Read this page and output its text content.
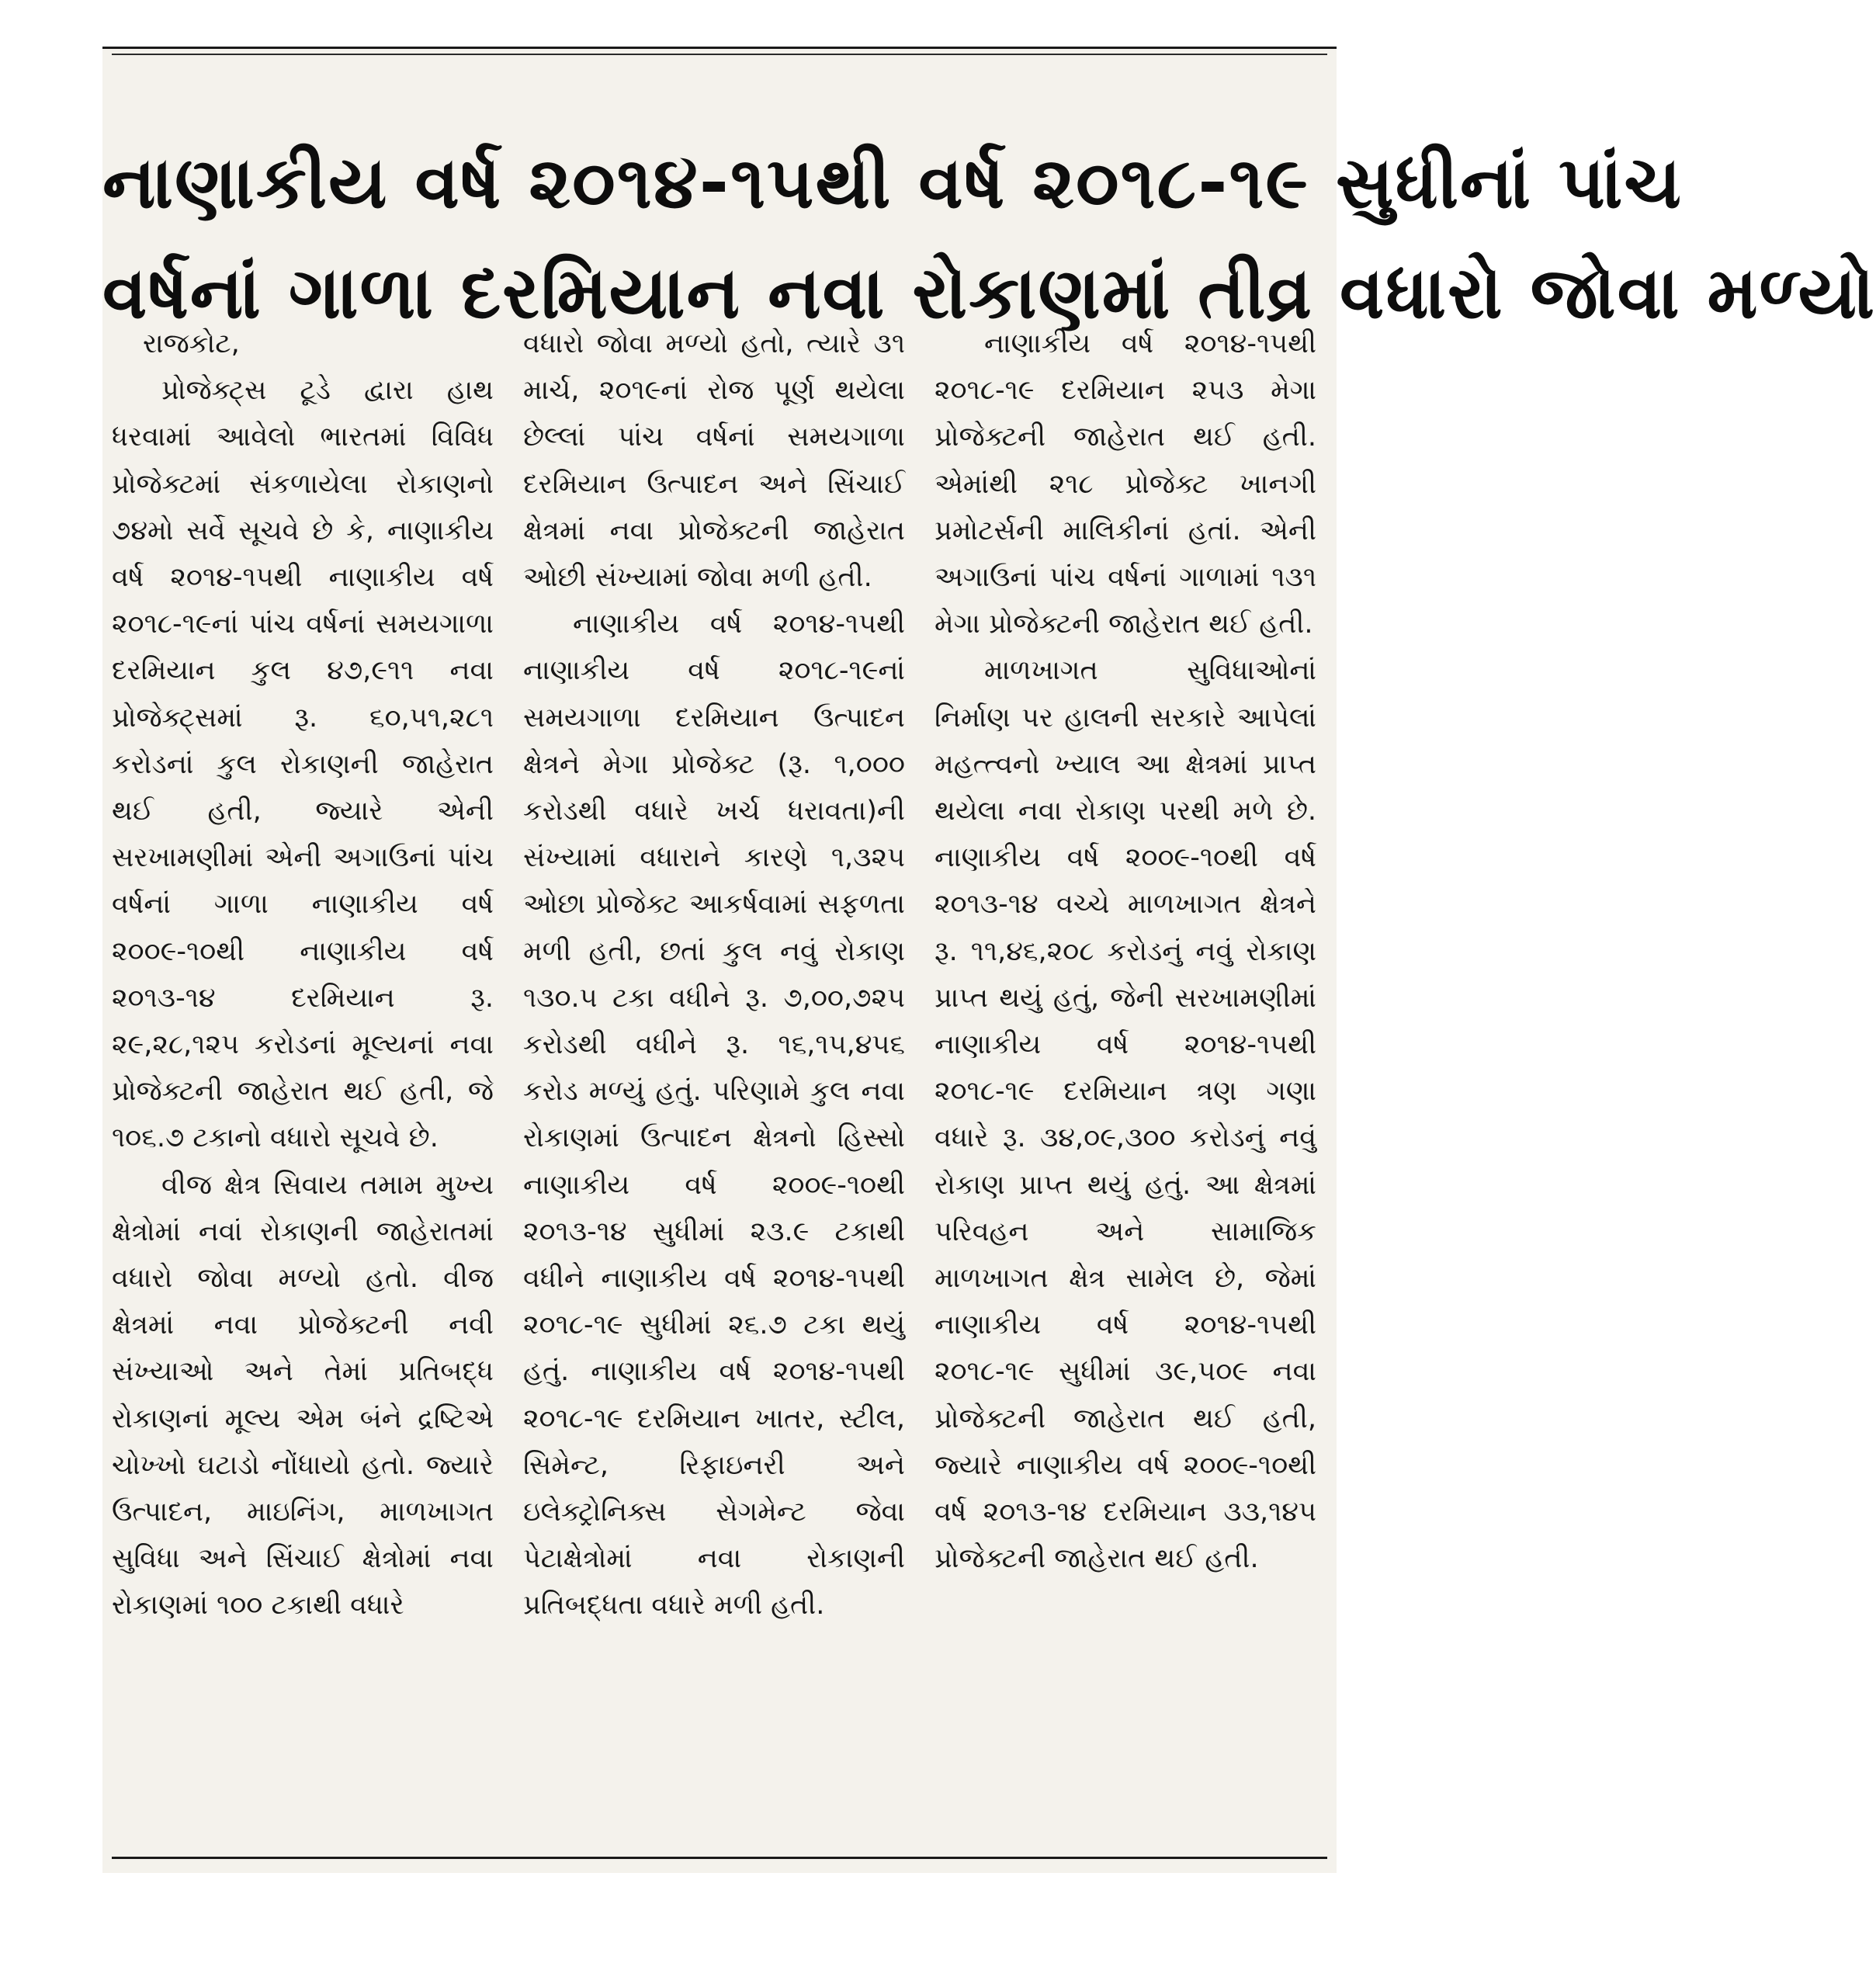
નાણાકીય વર્ષ ૨૦૧૪-૧૫થી વર્ષ ૨૦૧૮-૧૯ સુધીનાં પાંચ
વર્ષનાં ગાળા દરમિયાન નવા રોકાણમાં તીવ્ર વધારો જોવા મળ્યો
રાજકોટ,

પ્રોજેક્ટ્સ ટૂડે દ્વારા હાથ ધરવામાં આવેલો ભારતમાં વિવિધ પ્રોજેક્ટમાં સંકળાયેલા રોકાણનો ૭૪મો સર્વે સૂચવે છે કે, નાણાકીય વર્ષ ૨૦૧૪-૧૫થી નાણાકીય વર્ષ ૨૦૧૮-૧૯નાં પાંચ વર્ષનાં સમયગાળા દરમિયાન કુલ ૪૭,૯૧૧ નવા પ્રોજેક્ટ્સમાં રૂ. ૬૦,૫૧,૨૮૧ કરોડનાં કુલ રોકાણની જાહેરાત થઈ હતી, જ્યારે એની સરખામણીમાં એની અગાઉનાં પાંચ વર્ષનાં ગાળા નાણાકીય વર્ષ ૨૦૦૯-૧૦થી નાણાકીય વર્ષ ૨૦૧૩-૧૪ દરમિયાન રૂ. ૨૯,૨૮,૧૨૫ કરોડનાં મૂલ્યનાં નવા પ્રોજેક્ટની જાહેરાત થઈ હતી, જે ૧૦૬.૭ ટકાનો વધારો સૂચવે છે.

વીજ ક્ષેત્ર સિવાય તમામ મુખ્ય ક્ષેત્રોમાં નવાં રોકાણની જાહેરાતમાં વધારો જોવા મળ્યો હતો. વીજ ક્ષેત્રમાં નવા પ્રોજેક્ટની નવી સંખ્યાઓ અને તેમાં પ્રતિબદ્ધ રોકાણનાં મૂલ્ય એમ બંને દ્રષ્ટિએ ચોખ્ખો ઘટાડો નોંધાયો હતો. જ્યારે ઉત્પાદન, માઇનિંગ, માળખાગત સુવિધા અને સિંચાઈ ક્ષેત્રોમાં નવા રોકાણમાં ૧૦૦ ટકાથી વધારે

વધારો જોવા મળ્યો હતો, ત્યારે ૩૧ માર્ચ, ૨૦૧૯નાં રોજ પૂર્ણ થયેલા છેલ્લાં પાંચ વર્ષનાં સમયગાળા દરમિયાન ઉત્પાદન અને સિંચાઈ ક્ષેત્રમાં નવા પ્રોજેક્ટની જાહેરાત ઓછી સંખ્યામાં જોવા મળી હતી.

નાણાકીય વર્ષ ૨૦૧૪-૧૫થી નાણાકીય વર્ષ ૨૦૧૮-૧૯નાં સમયગાળા દરમિયાન ઉત્પાદન ક્ષેત્રને મેગા પ્રોજેક્ટ (રૂ. ૧,૦૦૦ કરોડથી વધારે ખર્ચ ધરાવતા)ની સંખ્યામાં વધારાને કારણે ૧,૩૨૫ ઓછા પ્રોજેક્ટ આકર્ષવામાં સફળતા મળી હતી, છતાં કુલ નવું રોકાણ ૧૩૦.૫ ટકા વધીને રૂ. ૭,૦૦,૭૨૫ કરોડથી વધીને રૂ. ૧૬,૧૫,૪૫૬ કરોડ મળ્યું હતું. પરિણામે કુલ નવા રોકાણમાં ઉત્પાદન ક્ષેત્રનો હિસ્સો નાણાકીય વર્ષ ૨૦૦૯-૧૦થી ૨૦૧૩-૧૪ સુધીમાં ૨૩.૯ ટકાથી વધીને નાણાકીય વર્ષ ૨૦૧૪-૧૫થી ૨૦૧૮-૧૯ સુધીમાં ૨૬.૭ ટકા થયું હતું. નાણાકીય વર્ષ ૨૦૧૪-૧૫થી ૨૦૧૮-૧૯ દરમિયાન ખાતર, સ્ટીલ, સિમેન્ટ, રિફાઇનરી અને ઇલેક્ટ્રોનિક્સ સેગમેન્ટ જેવા પેટાક્ષેત્રોમાં નવા રોકાણની પ્રતિબદ્ધતા વધારે મળી હતી.

નાણાકીય વર્ષ ૨૦૧૪-૧૫થી ૨૦૧૮-૧૯ દરમિયાન ૨૫૩ મેગા પ્રોજેક્ટની જાહેરાત થઈ હતી. એમાંથી ૨૧૮ પ્રોજેક્ટ ખાનગી પ્રમોટર્સની માલિકીનાં હતાં. એની અગાઉનાં પાંચ વર્ષનાં ગાળામાં ૧૩૧ મેગા પ્રોજેક્ટની જાહેરાત થઈ હતી.

માળખાગત સુવિધાઓનાં નિર્માણ પર હાલની સરકારે આપેલાં મહત્ત્વનો ખ્યાલ આ ક્ષેત્રમાં પ્રાપ્ત થયેલા નવા રોકાણ પરથી મળે છે. નાણાકીય વર્ષ ૨૦૦૯-૧૦થી વર્ષ ૨૦૧૩-૧૪ વચ્ચે માળખાગત ક્ષેત્રને રૂ. ૧૧,૪૬,૨૦૮ કરોડનું નવું રોકાણ પ્રાપ્ત થયું હતું, જેની સરખામણીમાં નાણાકીય વર્ષ ૨૦૧૪-૧૫થી ૨૦૧૮-૧૯ દરમિયાન ત્રણ ગણા વધારે રૂ. ૩૪,૦૯,૩૦૦ કરોડનું નવું રોકાણ પ્રાપ્ત થયું હતું. આ ક્ષેત્રમાં પરિવહન અને સામાજિક માળખાગત ક્ષેત્ર સામેલ છે, જેમાં નાણાકીય વર્ષ ૨૦૧૪-૧૫થી ૨૦૧૮-૧૯ સુધીમાં ૩૯,૫૦૯ નવા પ્રોજેક્ટની જાહેરાત થઈ હતી, જ્યારે નાણાકીય વર્ષ ૨૦૦૯-૧૦થી વર્ષ ૨૦૧૩-૧૪ દરમિયાન ૩૩,૧૪૫ પ્રોજેક્ટની જાહેરાત થઈ હતી.
